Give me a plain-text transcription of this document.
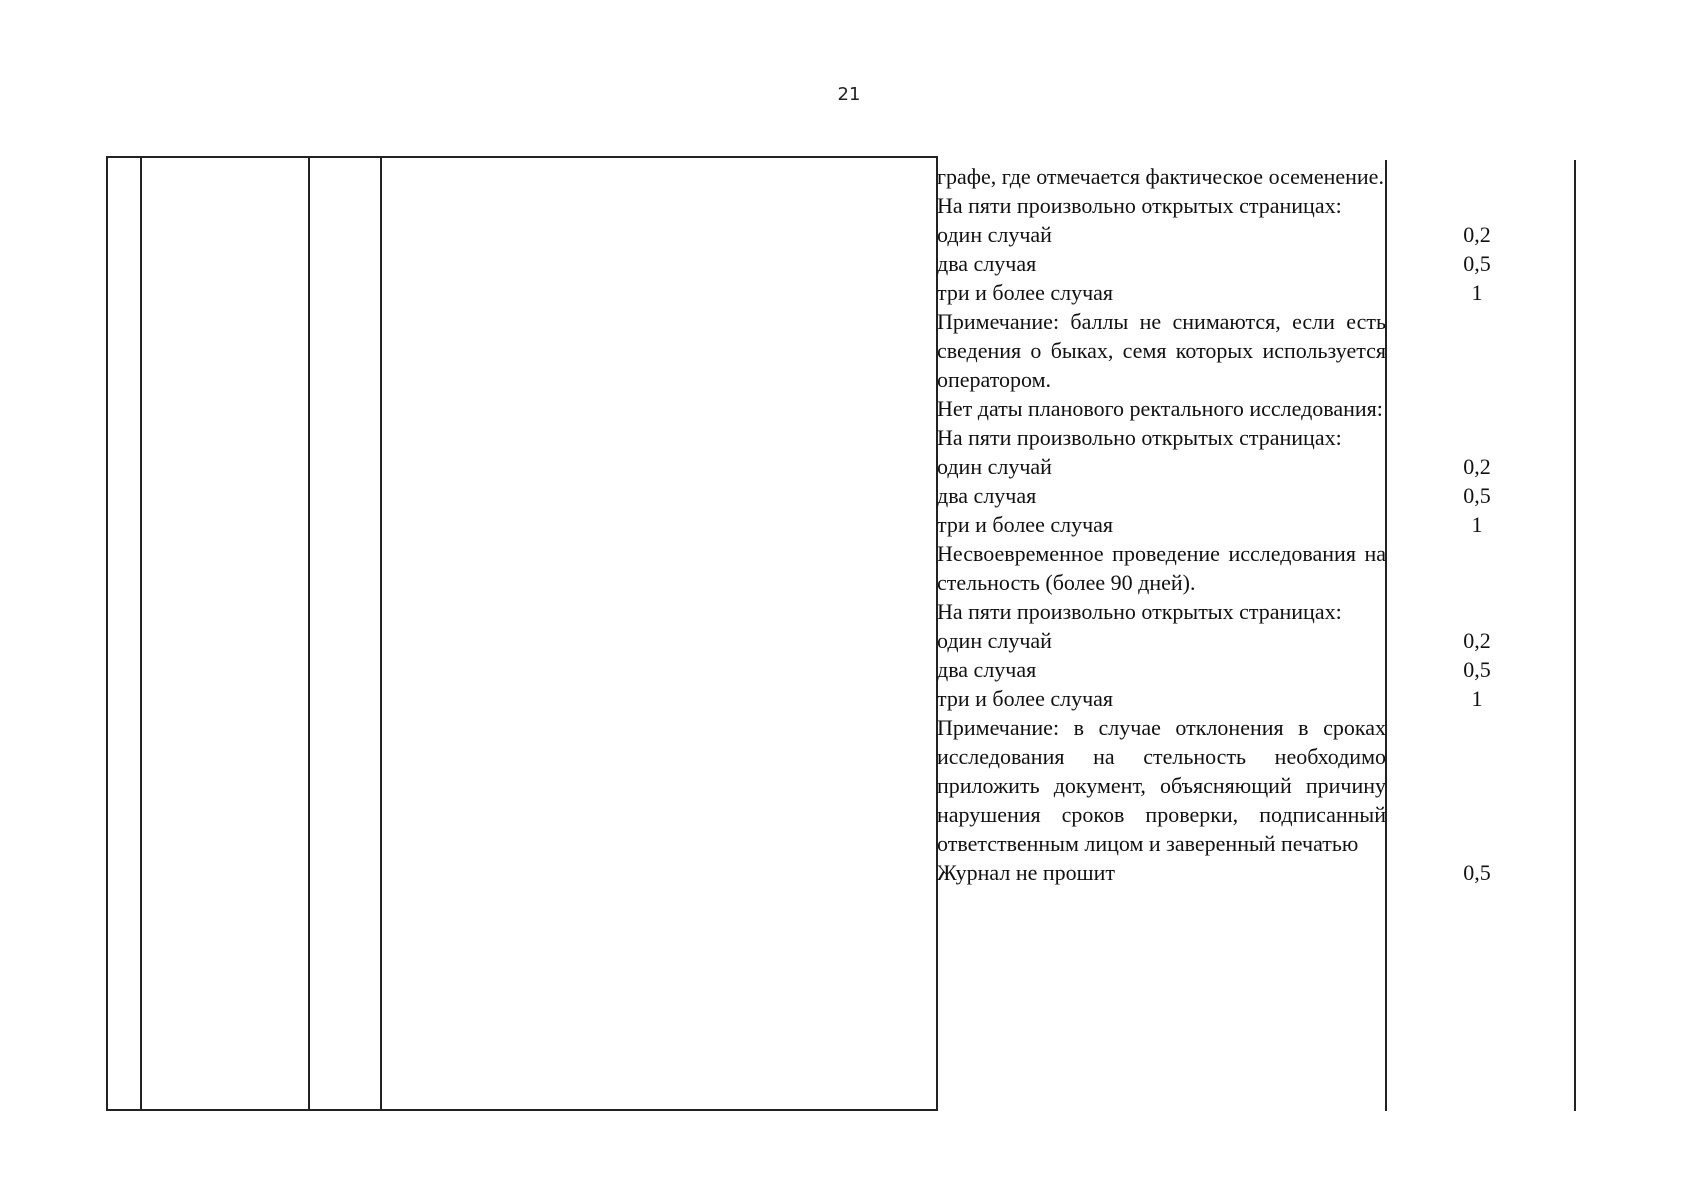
21
графе, где отмечается фактическое осеменение.
На пяти произвольно открытых страницах:
один случай	0,2
два случая	0,5
три и более случая	1
Примечание: баллы не снимаются, если есть сведения о быках, семя которых используется оператором.
Нет даты планового ректального исследования:
На пяти произвольно открытых страницах:
один случай	0,2
два случая	0,5
три и более случая	1
Несвоевременное проведение исследования на стельность (более 90 дней).
На пяти произвольно открытых страницах:
один случай	0,2
два случая	0,5
три и более случая	1
Примечание: в случае отклонения в сроках исследования на стельность необходимо приложить документ, объясняющий причину нарушения сроков проверки, подписанный ответственным лицом и заверенный печатью
Журнал не прошит	0,5
